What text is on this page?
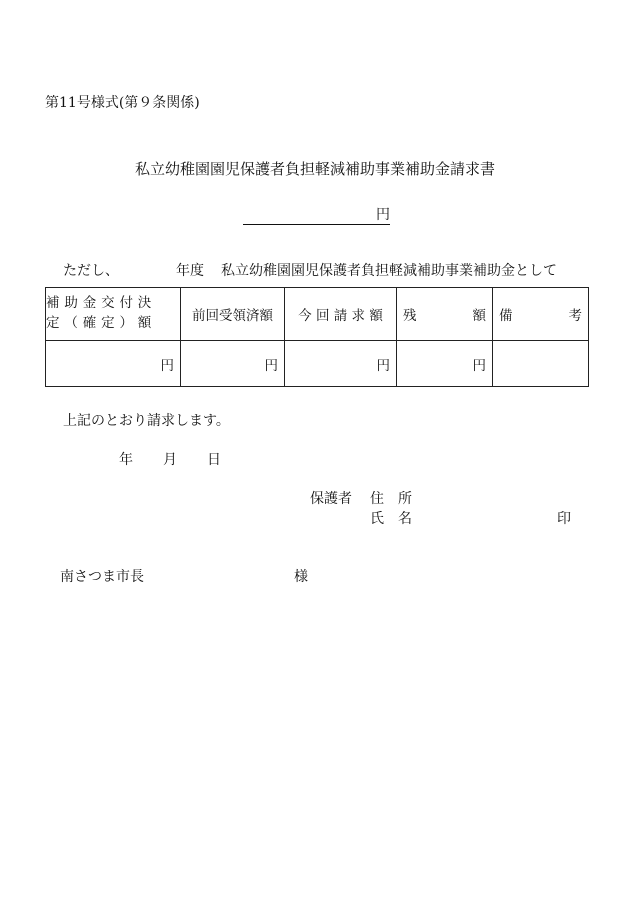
第11号様式(第９条関係)
私立幼稚園園児保護者負担軽減補助事業補助金請求書
円
ただし、	年度 私立幼稚園園児保護者負担軽減補助事業補助金として
補助金交付決
定（確定）額	前回受領済額	今 回 請 求 額	残 額	備 考

円	円	円	円	
上記のとおり請求します。
年 月 日
保護者 住　所
氏　名	印
南さつま市長	様
